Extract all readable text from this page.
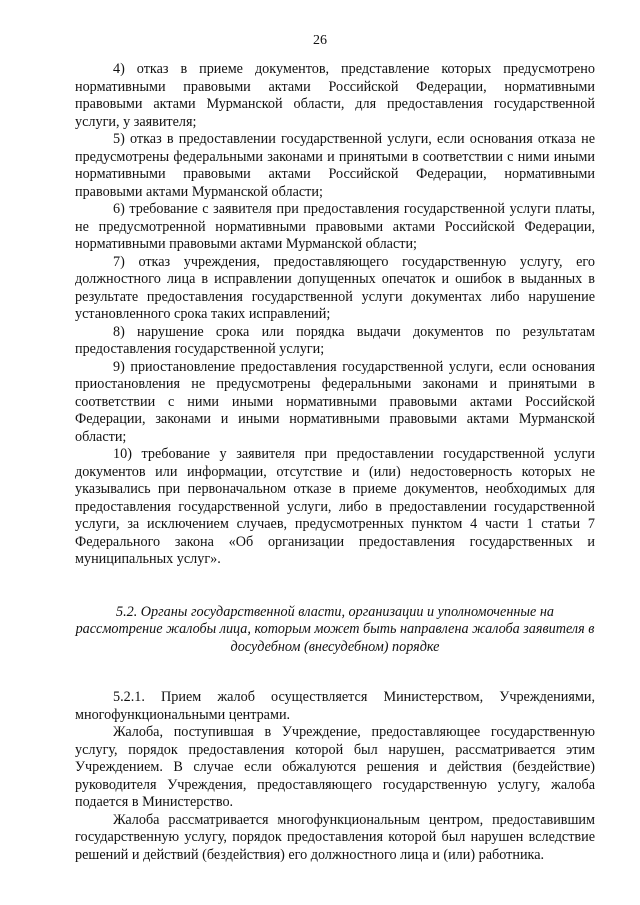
26

4) отказ в приеме документов, представление которых предусмотрено нормативными правовыми актами Российской Федерации, нормативными правовыми актами Мурманской области, для предоставления государственной услуги, у заявителя;

5) отказ в предоставлении государственной услуги, если основания отказа не предусмотрены федеральными законами и принятыми в соответствии с ними иными нормативными правовыми актами Российской Федерации, нормативными правовыми актами Мурманской области;

6) требование с заявителя при предоставления государственной услуги платы, не предусмотренной нормативными правовыми актами Российской Федерации, нормативными правовыми актами Мурманской области;

7) отказ учреждения, предоставляющего государственную услугу, его должностного лица в исправлении допущенных опечаток и ошибок в выданных в результате предоставления государственной услуги документах либо нарушение установленного срока таких исправлений;

8) нарушение срока или порядка выдачи документов по результатам предоставления государственной услуги;

9) приостановление предоставления государственной услуги, если основания приостановления не предусмотрены федеральными законами и принятыми в соответствии с ними иными нормативными правовыми актами Российской Федерации, законами и иными нормативными правовыми актами Мурманской области;

10) требование у заявителя при предоставлении государственной услуги документов или информации, отсутствие и (или) недостоверность которых не указывались при первоначальном отказе в приеме документов, необходимых для предоставления государственной услуги, либо в предоставлении государственной услуги, за исключением случаев, предусмотренных пунктом 4 части 1 статьи 7 Федерального закона «Об организации предоставления государственных и муниципальных услуг».

5.2. Органы государственной власти, организации и уполномоченные на рассмотрение жалобы лица, которым может быть направлена жалоба заявителя в досудебном (внесудебном) порядке

5.2.1. Прием жалоб осуществляется Министерством, Учреждениями, многофункциональными центрами.

Жалоба, поступившая в Учреждение, предоставляющее государственную услугу, порядок предоставления которой был нарушен, рассматривается этим Учреждением. В случае если обжалуются решения и действия (бездействие) руководителя Учреждения, предоставляющего государственную услугу, жалоба подается в Министерство.

Жалоба рассматривается многофункциональным центром, предоставившим государственную услугу, порядок предоставления которой был нарушен вследствие решений и действий (бездействия) его должностного лица и (или) работника.
